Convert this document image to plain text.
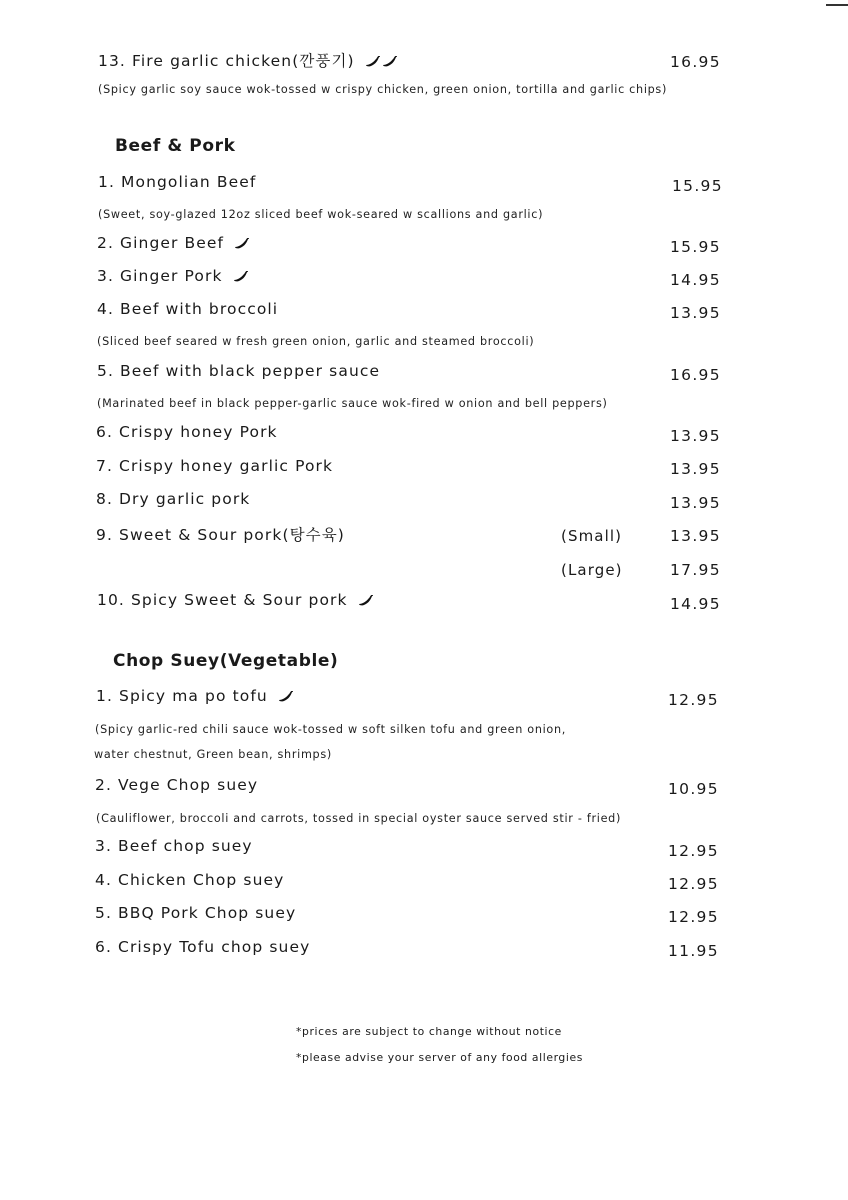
13. Fire garlic chicken(깐풍기)	16.95
(Spicy garlic soy sauce wok-tossed w crispy chicken, green onion, tortilla and garlic chips)
Beef & Pork
1. Mongolian Beef	15.95
(Sweet, soy-glazed 12oz sliced beef wok-seared w scallions and garlic)
2. Ginger Beef	15.95
3. Ginger Pork	14.95
4. Beef with broccoli	13.95
(Sliced beef seared w fresh green onion, garlic and steamed broccoli)
5. Beef with black pepper sauce	16.95
(Marinated beef in black pepper-garlic sauce wok-fired w onion and bell peppers)
6. Crispy honey Pork	13.95
7. Crispy honey garlic Pork	13.95
8. Dry garlic pork	13.95
9. Sweet & Sour pork(탕수육)	(Small)	13.95
(Large)	17.95
10. Spicy Sweet & Sour pork	14.95
Chop Suey(Vegetable)
1. Spicy ma po tofu	12.95
(Spicy garlic-red chili sauce wok-tossed w soft silken tofu and green onion,
water chestnut, Green bean, shrimps)
2. Vege Chop suey	10.95
(Cauliflower, broccoli and carrots, tossed in special oyster sauce served stir - fried)
3. Beef chop suey	12.95
4. Chicken Chop suey	12.95
5. BBQ Pork Chop suey	12.95
6. Crispy Tofu chop suey	11.95
*prices are subject to change without notice
*please advise your server of any food allergies
